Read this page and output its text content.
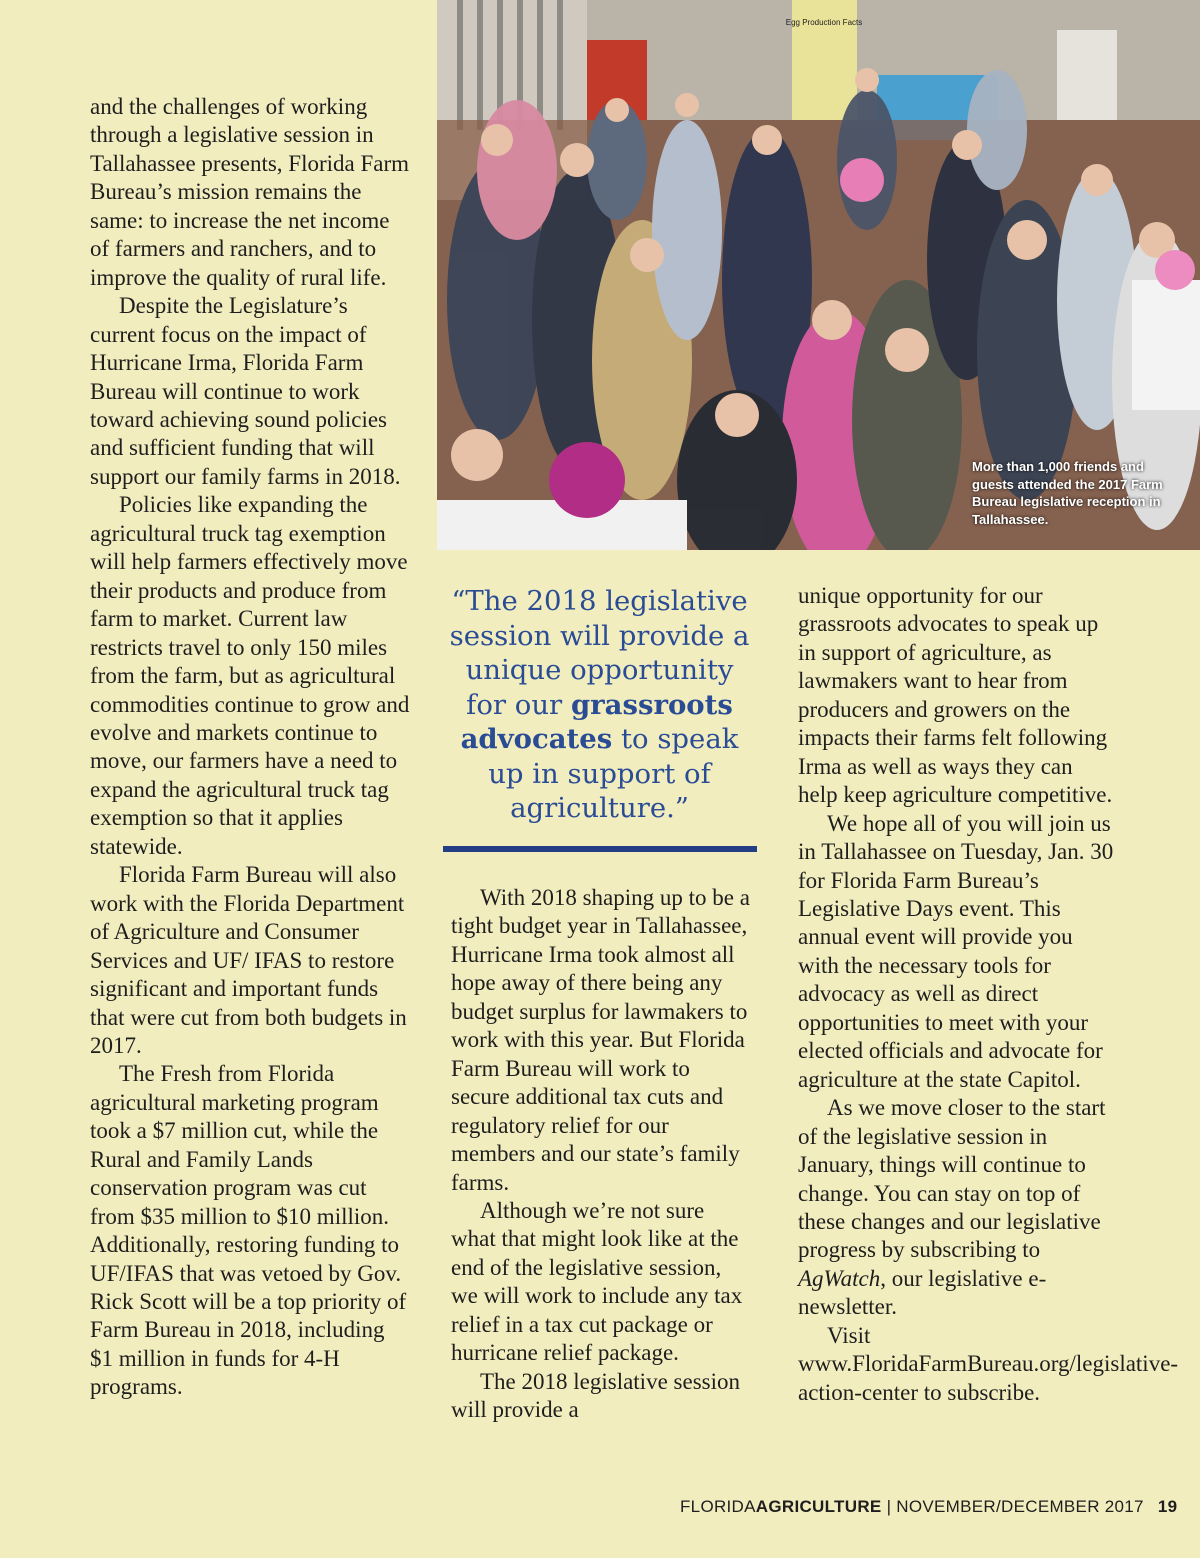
Egg Production Facts
More than 1,000 friends and guests attended the 2017 Farm Bureau legislative reception in Tallahassee.

and the challenges of working through a legislative session in Tallahassee presents, Florida Farm Bureau’s mission remains the same: to increase the net income of farmers and ranchers, and to improve the quality of rural life.

Despite the Legislature’s current focus on the impact of Hurricane Irma, Florida Farm Bureau will continue to work toward achieving sound policies and sufficient funding that will support our family farms in 2018.

Policies like expanding the agricultural truck tag exemption will help farmers effectively move their products and produce from farm to market. Current law restricts travel to only 150 miles from the farm, but as agricultural commodities continue to grow and evolve and markets continue to move, our farmers have a need to expand the agricultural truck tag exemption so that it applies statewide.

Florida Farm Bureau will also work with the Florida Department of Agriculture and Consumer Services and UF/ IFAS to restore significant and important funds that were cut from both budgets in 2017.

The Fresh from Florida agricultural marketing program took a $7 million cut, while the Rural and Family Lands conservation program was cut from $35 million to $10 million. Additionally, restoring funding to UF/IFAS that was vetoed by Gov. Rick Scott will be a top priority of Farm Bureau in 2018, including $1 million in funds for 4-H programs.

“The 2018 legislative session will provide a unique opportunity for our grassroots advocates to speak up in support of agriculture.”

With 2018 shaping up to be a tight budget year in Tallahassee, Hurricane Irma took almost all hope away of there being any budget surplus for lawmakers to work with this year. But Florida Farm Bureau will work to secure additional tax cuts and regulatory relief for our members and our state’s family farms.

Although we’re not sure what that might look like at the end of the legislative session, we will work to include any tax relief in a tax cut package or hurricane relief package.

The 2018 legislative session will provide a

unique opportunity for our grassroots advocates to speak up in support of agriculture, as lawmakers want to hear from producers and growers on the impacts their farms felt following Irma as well as ways they can help keep agriculture competitive.

We hope all of you will join us in Tallahassee on Tuesday, Jan. 30 for Florida Farm Bureau’s Legislative Days event. This annual event will provide you with the necessary tools for advocacy as well as direct opportunities to meet with your elected officials and advocate for agriculture at the state Capitol.

As we move closer to the start of the legislative session in January, things will continue to change. You can stay on top of these changes and our legislative progress by subscribing to AgWatch, our legislative e-newsletter.

Visit www.FloridaFarmBureau.org/legislative-action-center to subscribe.

FLORIDAAGRICULTURE | NOVEMBER/DECEMBER 2017 19
